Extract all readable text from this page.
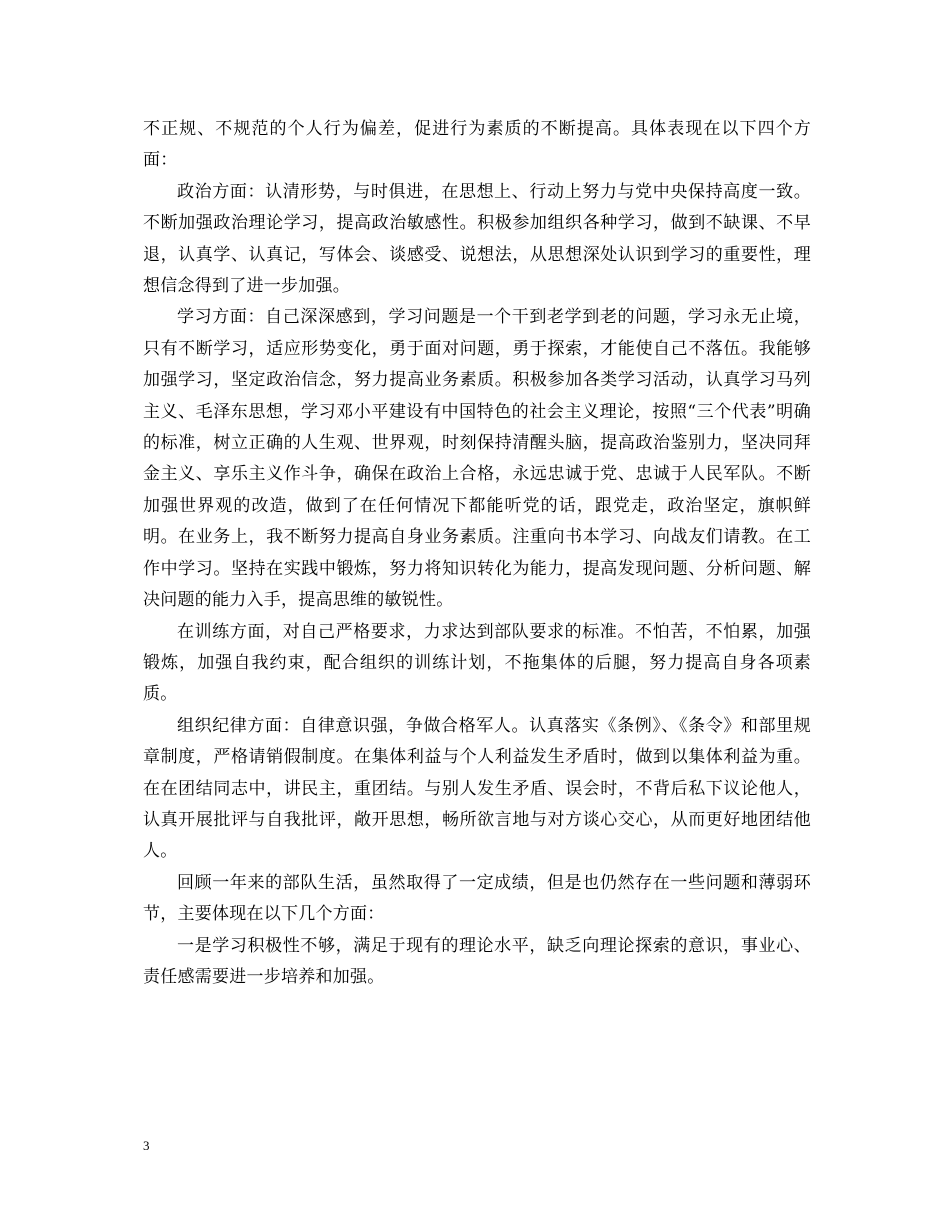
不正规、不规范的个人行为偏差，促进行为素质的不断提高。具体表现在以下四个方面：

政治方面：认清形势，与时俱进，在思想上、行动上努力与党中央保持高度一致。不断加强政治理论学习，提高政治敏感性。积极参加组织各种学习，做到不缺课、不早退，认真学、认真记，写体会、谈感受、说想法，从思想深处认识到学习的重要性，理想信念得到了进一步加强。

学习方面：自己深深感到，学习问题是一个干到老学到老的问题，学习永无止境，只有不断学习，适应形势变化，勇于面对问题，勇于探索，才能使自己不落伍。我能够加强学习，坚定政治信念，努力提高业务素质。积极参加各类学习活动，认真学习马列主义、毛泽东思想，学习邓小平建设有中国特色的社会主义理论，按照“三个代表”明确的标准，树立正确的人生观、世界观，时刻保持清醒头脑，提高政治鉴别力，坚决同拜金主义、享乐主义作斗争，确保在政治上合格，永远忠诚于党、忠诚于人民军队。不断加强世界观的改造，做到了在任何情况下都能听党的话，跟党走，政治坚定，旗帜鲜明。在业务上，我不断努力提高自身业务素质。注重向书本学习、向战友们请教。在工作中学习。坚持在实践中锻炼，努力将知识转化为能力，提高发现问题、分析问题、解决问题的能力入手，提高思维的敏锐性。

在训练方面，对自己严格要求，力求达到部队要求的标准。不怕苦，不怕累，加强锻炼，加强自我约束，配合组织的训练计划，不拖集体的后腿，努力提高自身各项素质。

组织纪律方面：自律意识强，争做合格军人。认真落实《条例》、《条令》和部里规章制度，严格请销假制度。在集体利益与个人利益发生矛盾时，做到以集体利益为重。在在团结同志中，讲民主，重团结。与别人发生矛盾、误会时，不背后私下议论他人，认真开展批评与自我批评，敞开思想，畅所欲言地与对方谈心交心，从而更好地团结他人。

回顾一年来的部队生活，虽然取得了一定成绩，但是也仍然存在一些问题和薄弱环节，主要体现在以下几个方面：

一是学习积极性不够，满足于现有的理论水平，缺乏向理论探索的意识，事业心、责任感需要进一步培养和加强。

3
